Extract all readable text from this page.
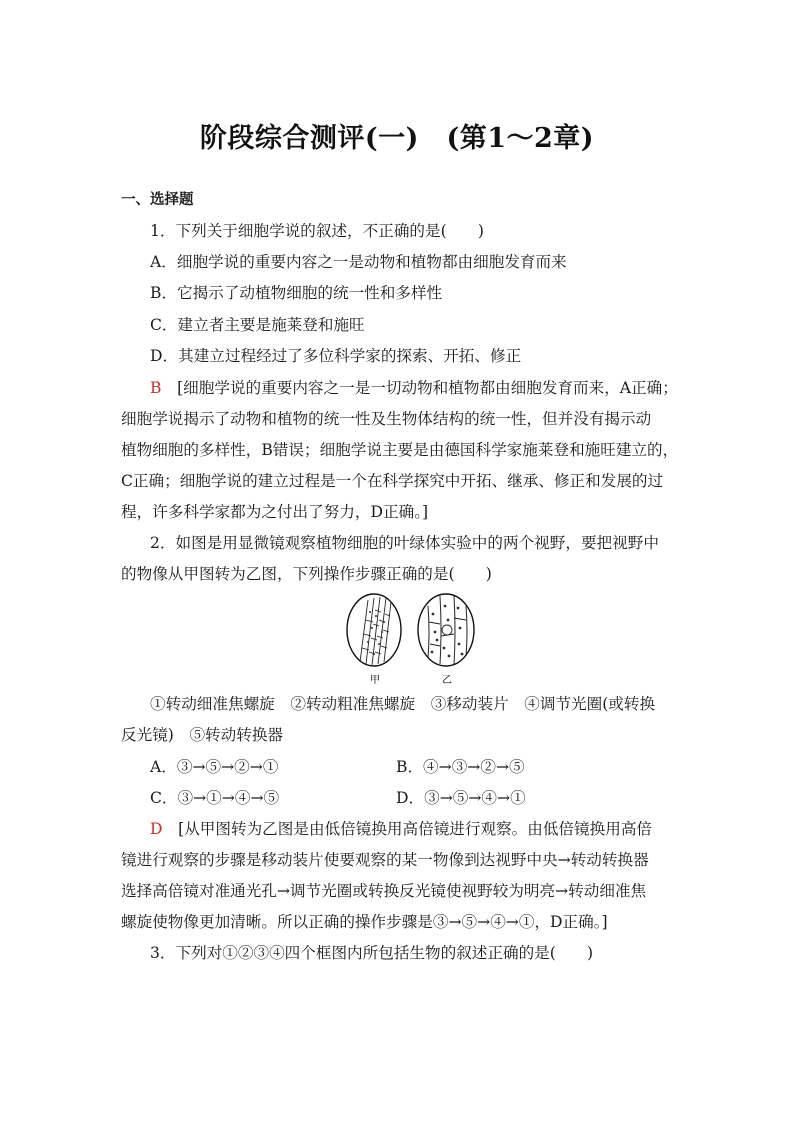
阶段综合测评(一)　(第1～2章)
一、选择题
1．下列关于细胞学说的叙述，不正确的是(　　)
A．细胞学说的重要内容之一是动物和植物都由细胞发育而来
B．它揭示了动植物细胞的统一性和多样性
C．建立者主要是施莱登和施旺
D．其建立过程经过了多位科学家的探索、开拓、修正
B　 [细胞学说的重要内容之一是一切动物和植物都由细胞发育而来，A正确；
细胞学说揭示了动物和植物的统一性及生物体结构的统一性，但并没有揭示动
植物细胞的多样性，B错误；细胞学说主要是由德国科学家施莱登和施旺建立的，
C正确；细胞学说的建立过程是一个在科学探究中开拓、继承、修正和发展的过
程，许多科学家都为之付出了努力，D正确。]
2．如图是用显微镜观察植物细胞的叶绿体实验中的两个视野，要把视野中
的物像从甲图转为乙图，下列操作步骤正确的是(　　)
甲	乙
①转动细准焦螺旋　②转动粗准焦螺旋　③移动装片　④调节光圈(或转换
反光镜)　⑤转动转换器
A．③→⑤→②→①	B．④→③→②→⑤
C．③→①→④→⑤	D．③→⑤→④→①
D　 [从甲图转为乙图是由低倍镜换用高倍镜进行观察。由低倍镜换用高倍
镜进行观察的步骤是移动装片使要观察的某一物像到达视野中央→转动转换器
选择高倍镜对准通光孔→调节光圈或转换反光镜使视野较为明亮→转动细准焦
螺旋使物像更加清晰。所以正确的操作步骤是③→⑤→④→①，D正确。]
3．下列对①②③④四个框图内所包括生物的叙述正确的是(　　)
